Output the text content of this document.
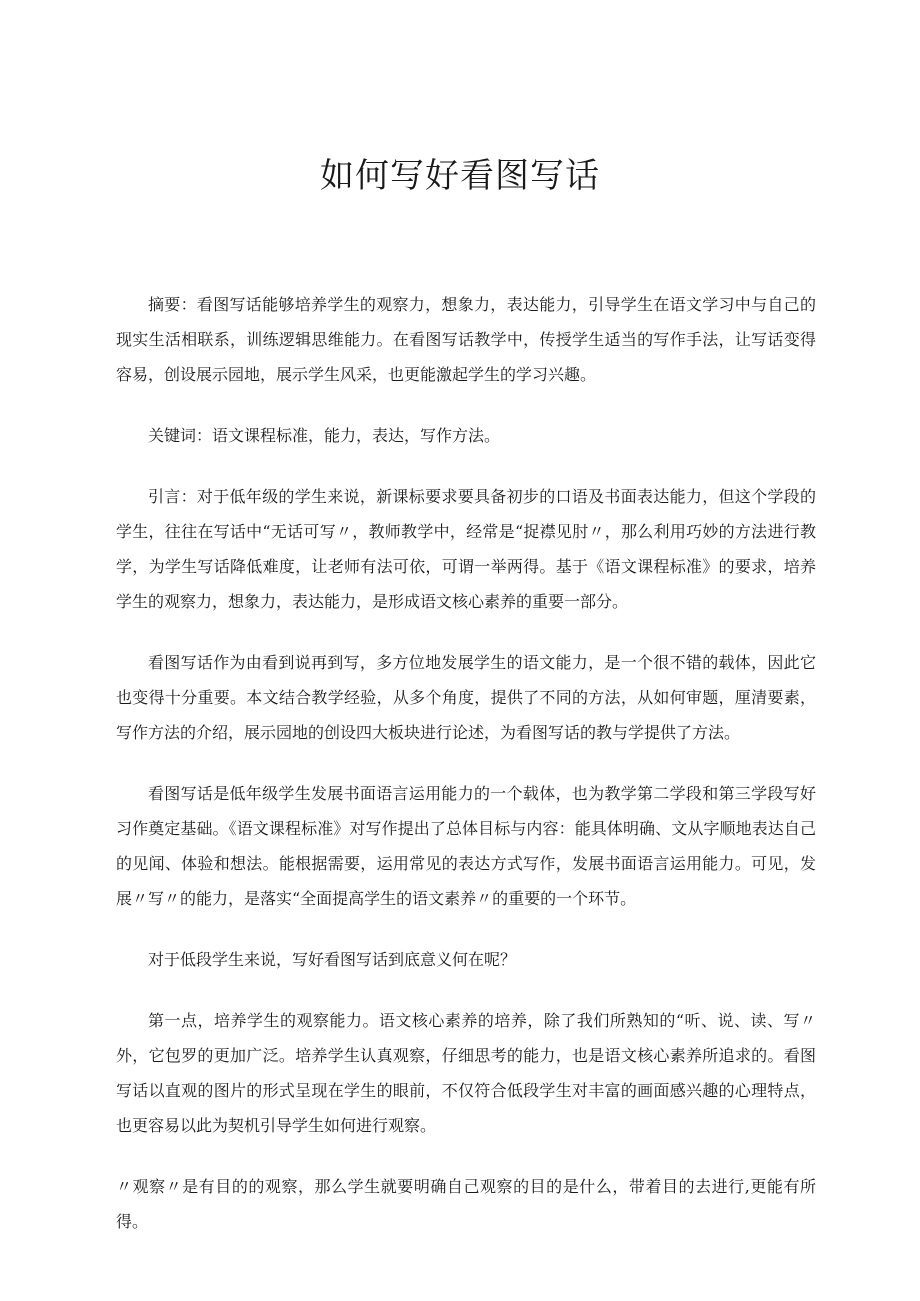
如何写好看图写话

摘要：看图写话能够培养学生的观察力，想象力，表达能力，引导学生在语文学习中与自己的现实生活相联系，训练逻辑思维能力。在看图写话教学中，传授学生适当的写作手法，让写话变得容易，创设展示园地，展示学生风采，也更能激起学生的学习兴趣。

关键词：语文课程标准，能力，表达，写作方法。

引言：对于低年级的学生来说，新课标要求要具备初步的口语及书面表达能力，但这个学段的学生，往往在写话中“无话可写〃，教师教学中，经常是“捉襟见肘〃，那么利用巧妙的方法进行教学，为学生写话降低难度，让老师有法可依，可谓一举两得。基于《语文课程标准》的要求，培养学生的观察力，想象力，表达能力，是形成语文核心素养的重要一部分。

看图写话作为由看到说再到写，多方位地发展学生的语文能力，是一个很不错的载体，因此它也变得十分重要。本文结合教学经验，从多个角度，提供了不同的方法，从如何审题，厘清要素，写作方法的介绍，展示园地的创设四大板块进行论述，为看图写话的教与学提供了方法。

看图写话是低年级学生发展书面语言运用能力的一个载体，也为教学第二学段和第三学段写好习作奠定基础。《语文课程标准》对写作提出了总体目标与内容：能具体明确、文从字顺地表达自己的见闻、体验和想法。能根据需要，运用常见的表达方式写作，发展书面语言运用能力。可见，发展〃写〃的能力，是落实“全面提高学生的语文素养〃的重要的一个环节。

对于低段学生来说，写好看图写话到底意义何在呢？

第一点，培养学生的观察能力。语文核心素养的培养，除了我们所熟知的“听、说、读、写〃外，它包罗的更加广泛。培养学生认真观察，仔细思考的能力，也是语文核心素养所追求的。看图写话以直观的图片的形式呈现在学生的眼前，不仅符合低段学生对丰富的画面感兴趣的心理特点，也更容易以此为契机引导学生如何进行观察。

〃观察〃是有目的的观察，那么学生就要明确自己观察的目的是什么，带着目的去进行,更能有所得。
